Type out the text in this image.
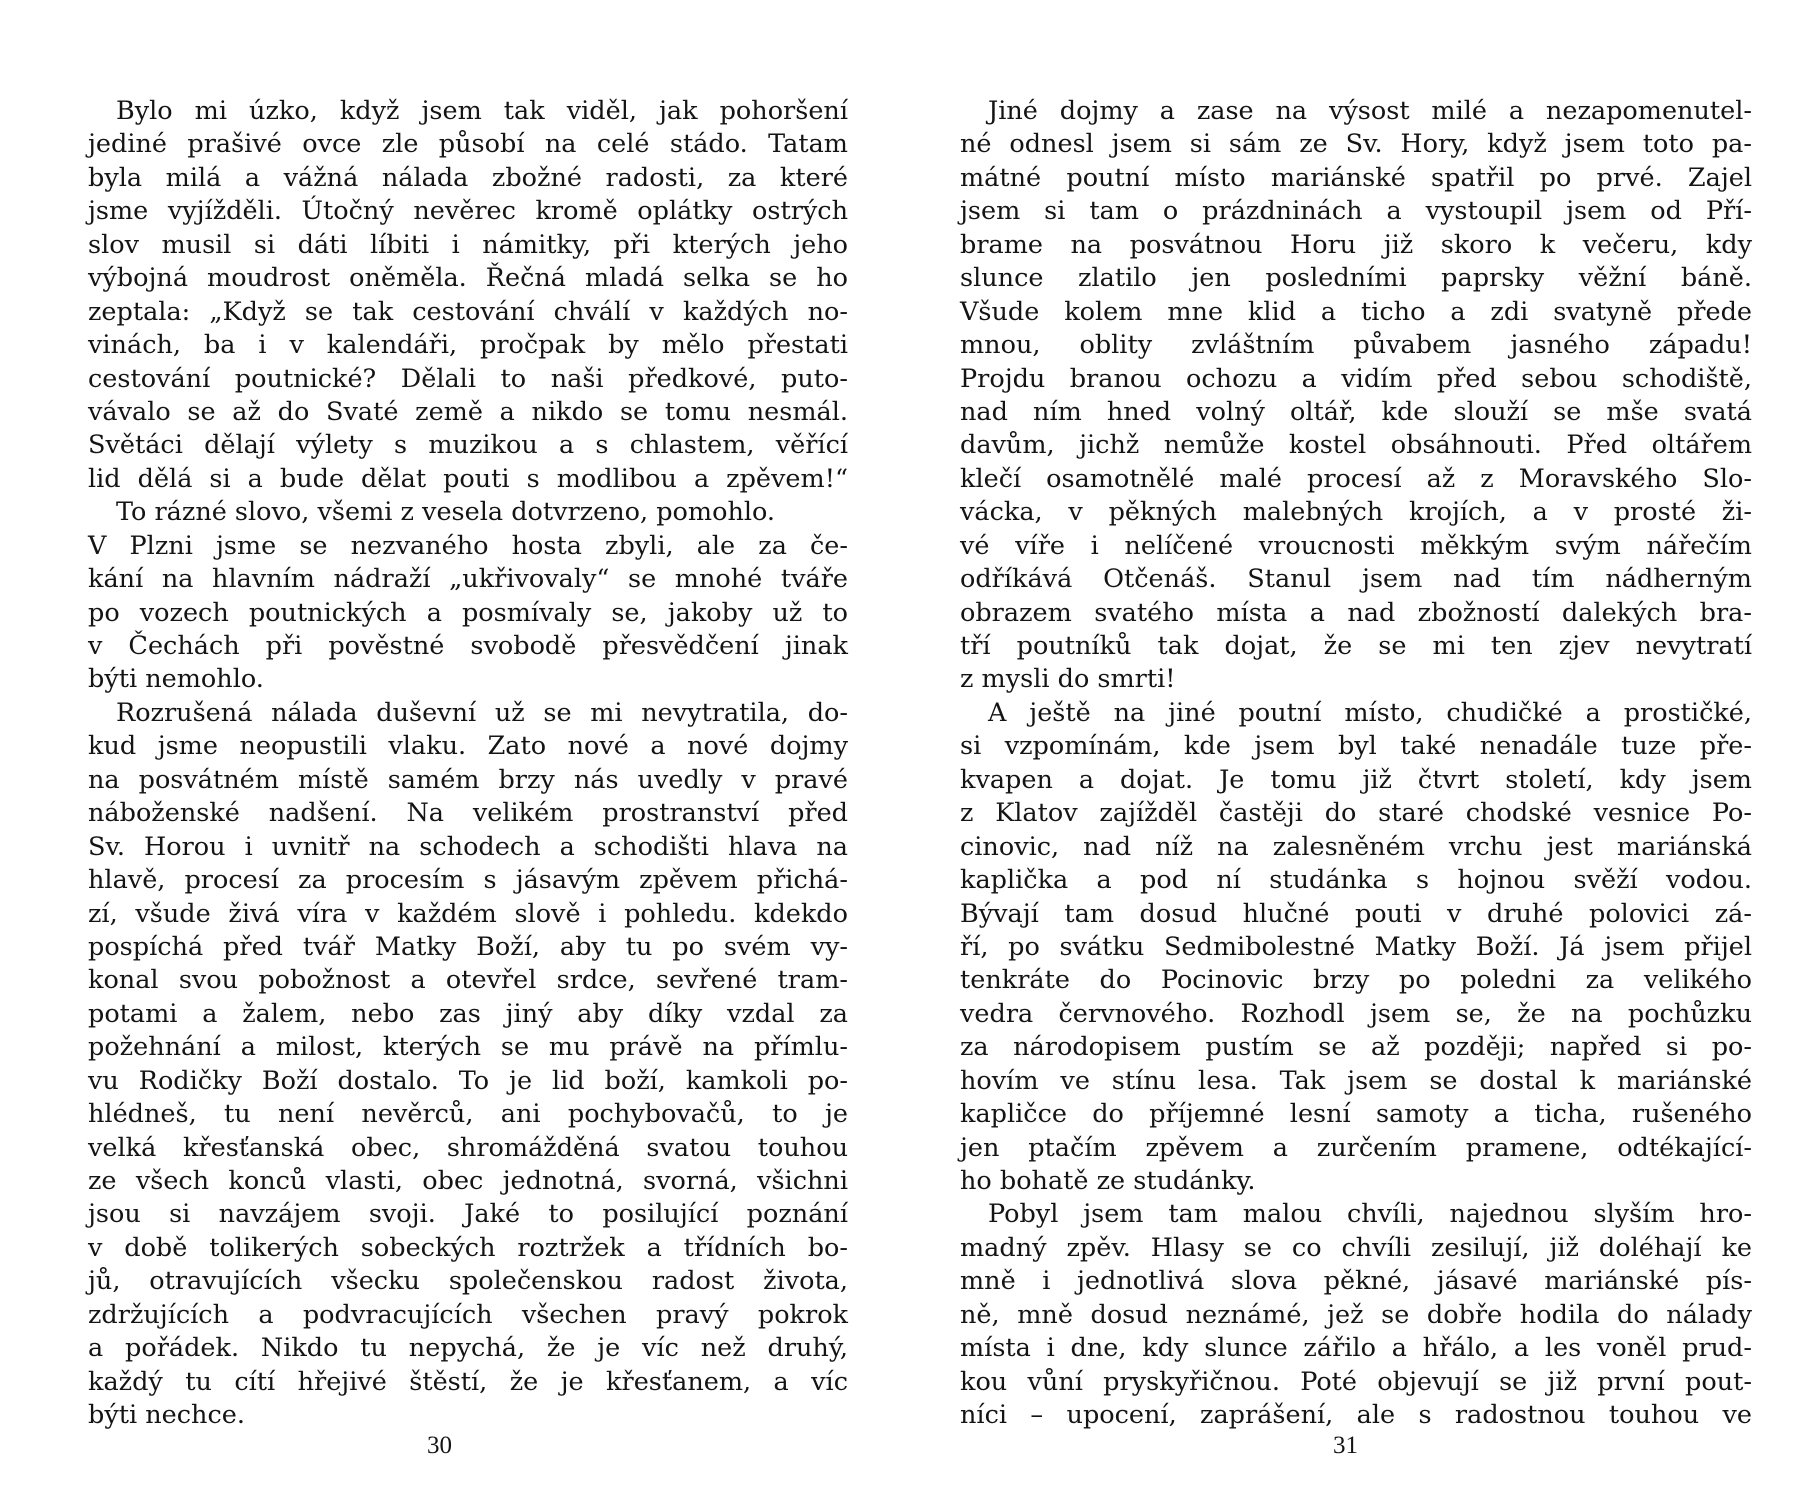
Bylo mi úzko, když jsem tak viděl, jak pohoršení
jediné prašivé ovce zle působí na celé stádo. Tatam
byla milá a vážná nálada zbožné radosti, za které
jsme vyjížděli. Útočný nevěrec kromě oplátky ostrých
slov musil si dáti líbiti i námitky, při kterých jeho
výbojná moudrost oněměla. Řečná mladá selka se ho
zeptala: „Když se tak cestování chválí v každých no-
vinách, ba i v kalendáři, pročpak by mělo přestati
cestování poutnické? Dělali to naši předkové, puto-
vávalo se až do Svaté země a nikdo se tomu nesmál.
Světáci dělají výlety s muzikou a s chlastem, věřící
lid dělá si a bude dělat pouti s modlibou a zpěvem!“
To rázné slovo, všemi z vesela dotvrzeno, pomohlo.
V Plzni jsme se nezvaného hosta zbyli, ale za če-
kání na hlavním nádraží „ukřivovaly“ se mnohé tváře
po vozech poutnických a posmívaly se, jakoby už to
v Čechách při pověstné svobodě přesvědčení jinak
býti nemohlo.
Rozrušená nálada duševní už se mi nevytratila, do-
kud jsme neopustili vlaku. Zato nové a nové dojmy
na posvátném místě samém brzy nás uvedly v pravé
náboženské nadšení. Na velikém prostranství před
Sv. Horou i uvnitř na schodech a schodišti hlava na
hlavě, procesí za procesím s jásavým zpěvem přichá-
zí, všude živá víra v každém slově i pohledu. kdekdo
pospíchá před tvář Matky Boží, aby tu po svém vy-
konal svou pobožnost a otevřel srdce, sevřené tram-
potami a žalem, nebo zas jiný aby díky vzdal za
požehnání a milost, kterých se mu právě na přímlu-
vu Rodičky Boží dostalo. To je lid boží, kamkoli po-
hlédneš, tu není nevěrců, ani pochybovačů, to je
velká křesťanská obec, shromážděná svatou touhou
ze všech konců vlasti, obec jednotná, svorná, všichni
jsou si navzájem svoji. Jaké to posilující poznání
v době tolikerých sobeckých roztržek a třídních bo-
jů, otravujících všecku společenskou radost života,
zdržujících a podvracujících všechen pravý pokrok
a pořádek. Nikdo tu nepychá, že je víc než druhý,
každý tu cítí hřejivé štěstí, že je křesťanem, a víc
býti nechce.
Jiné dojmy a zase na výsost milé a nezapomenutel-
né odnesl jsem si sám ze Sv. Hory, když jsem toto pa-
mátné poutní místo mariánské spatřil po prvé. Zajel
jsem si tam o prázdninách a vystoupil jsem od Pří-
brame na posvátnou Horu již skoro k večeru, kdy
slunce zlatilo jen posledními paprsky věžní báně.
Všude kolem mne klid a ticho a zdi svatyně přede
mnou, oblity zvláštním půvabem jasného západu!
Projdu branou ochozu a vidím před sebou schodiště,
nad ním hned volný oltář, kde slouží se mše svatá
davům, jichž nemůže kostel obsáhnouti. Před oltářem
klečí osamotnělé malé procesí až z Moravského Slo-
vácka, v pěkných malebných krojích, a v prosté ži-
vé víře i nelíčené vroucnosti měkkým svým nářečím
odříkává Otčenáš. Stanul jsem nad tím nádherným
obrazem svatého místa a nad zbožností dalekých bra-
tří poutníků tak dojat, že se mi ten zjev nevytratí
z mysli do smrti!
A ještě na jiné poutní místo, chudičké a prostičké,
si vzpomínám, kde jsem byl také nenadále tuze pře-
kvapen a dojat. Je tomu již čtvrt století, kdy jsem
z Klatov zajížděl častěji do staré chodské vesnice Po-
cinovic, nad níž na zalesněném vrchu jest mariánská
kaplička a pod ní studánka s hojnou svěží vodou.
Bývají tam dosud hlučné pouti v druhé polovici zá-
ří, po svátku Sedmibolestné Matky Boží. Já jsem přijel
tenkráte do Pocinovic brzy po poledni za velikého
vedra červnového. Rozhodl jsem se, že na pochůzku
za národopisem pustím se až později; napřed si po-
hovím ve stínu lesa. Tak jsem se dostal k mariánské
kapličce do příjemné lesní samoty a ticha, rušeného
jen ptačím zpěvem a zurčením pramene, odtékající-
ho bohatě ze studánky.
Pobyl jsem tam malou chvíli, najednou slyším hro-
madný zpěv. Hlasy se co chvíli zesilují, již doléhají ke
mně i jednotlivá slova pěkné, jásavé mariánské pís-
ně, mně dosud neznámé, jež se dobře hodila do nálady
místa i dne, kdy slunce zářilo a hřálo, a les voněl prud-
kou vůní pryskyřičnou. Poté objevují se již první pout-
níci – upocení, zaprášení, ale s radostnou touhou ve
30	31
